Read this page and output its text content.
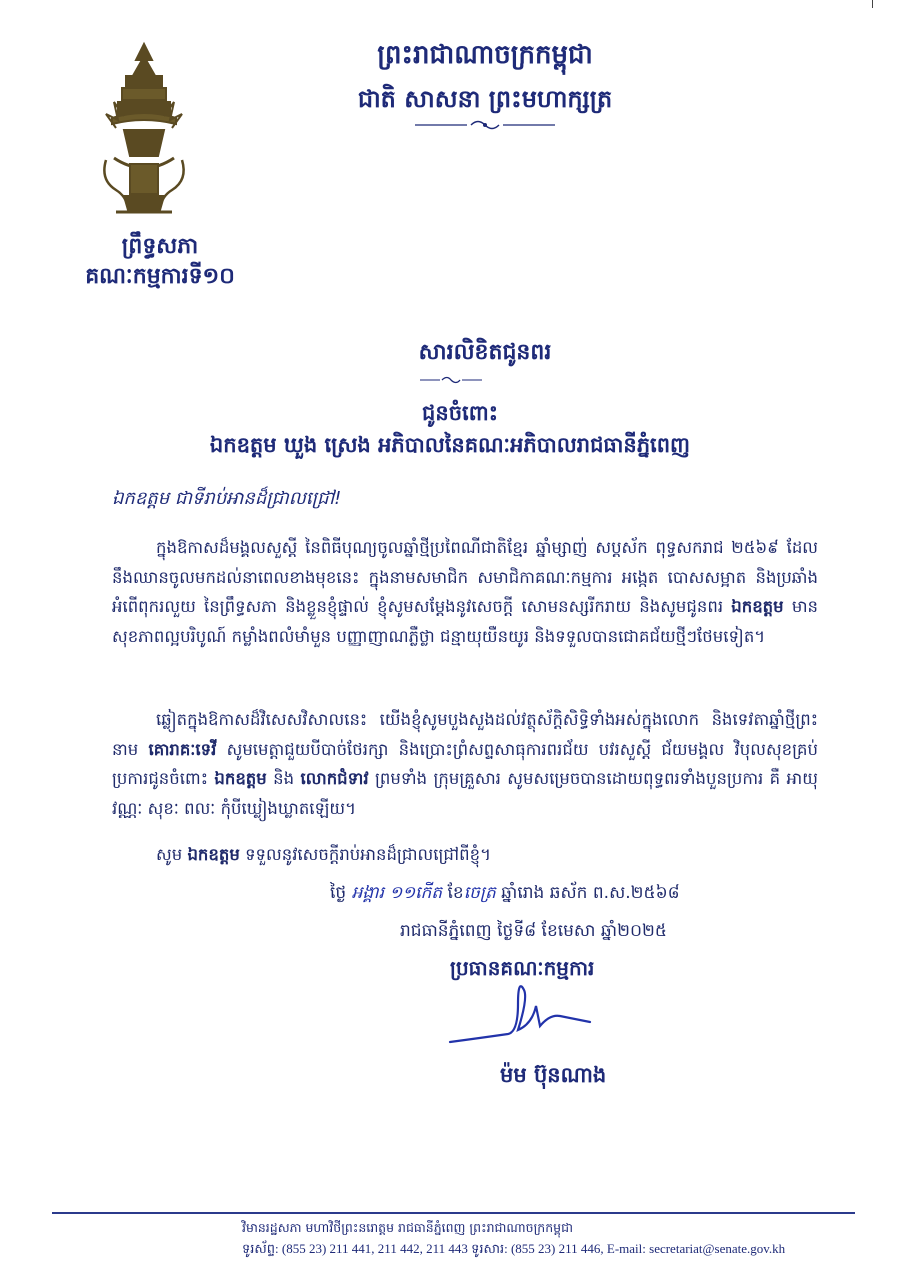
ព្រឹទ្ធសភា
គណៈកម្មការទី១០
ព្រះរាជាណាចក្រកម្ពុជា
ជាតិ សាសនា ព្រះមហាក្សត្រ
សារលិខិតជូនពរ
ជូនចំពោះ
ឯកឧត្តម ឃួង ស្រេង អភិបាលនៃគណៈអភិបាលរាជធានីភ្នំពេញ
ឯកឧត្តម ជាទីរាប់អានដ៏ជ្រាលជ្រៅ!
ក្នុងឱកាសដ៏មង្គលសួស្តី នៃពិធីបុណ្យចូលឆ្នាំថ្មីប្រពៃណីជាតិខ្មែរ ឆ្នាំម្សាញ់ សប្តស័ក ពុទ្ធសករាជ ២៥៦៩ ដែលនឹងឈានចូលមកដល់នាពេលខាងមុខនេះ ក្នុងនាមសមាជិក សមាជិកាគណៈកម្មការ អង្កេត បោសសម្អាត និងប្រឆាំងអំពើពុករលួយ នៃព្រឹទ្ធសភា និងខ្លួនខ្ញុំផ្ទាល់ ខ្ញុំសូមសម្តែងនូវសេចក្តី សោមនស្សរីករាយ និងសូមជូនពរ ឯកឧត្តម មានសុខភាពល្អបរិបូណ៍ កម្លាំងពលំមាំមួន បញ្ញាញាណភ្លឺថ្លា ជន្មាយុយឺនយូរ និងទទួលបានជោគជ័យថ្មីៗថែមទៀត។
ឆ្លៀតក្នុងឱកាសដ៏វិសេសវិសាលនេះ យើងខ្ញុំសូមបួងសួងដល់វត្ថុស័ក្តិសិទ្ធិទាំងអស់ក្នុងលោក និងទេវតាឆ្នាំថ្មីព្រះនាម គោរាគៈទេវី សូមមេត្តាជួយបីបាច់ថែរក្សា និងប្រោះព្រំសព្ទសាធុការពរជ័យ បវរសួស្តី ជ័យមង្គល វិបុលសុខគ្រប់ប្រការជូនចំពោះ ឯកឧត្តម និង លោកជំទាវ ព្រមទាំង ក្រុមគ្រួសារ សូមសម្រេចបានដោយពុទ្ធពរទាំងបួនប្រការ គឺ អាយុ វណ្ណៈ សុខៈ ពលៈ កុំបីឃ្លៀងឃ្លាតឡើយ។
សូម ឯកឧត្តម ទទួលនូវសេចក្តីរាប់អានដ៏ជ្រាលជ្រៅពីខ្ញុំ។
ថ្ងៃ អង្គារ ១១កើត ខែចេត្រ ឆ្នាំរោង ឆស័ក ព.ស.២៥៦៨
រាជធានីភ្នំពេញ ថ្ងៃទី៨ ខែមេសា ឆ្នាំ២០២៥
ប្រធានគណៈកម្មការ
ម៉ម ប៊ុនណាង
វិមានរដ្ឋសភា មហាវិថីព្រះនរោត្តម រាជធានីភ្នំពេញ ព្រះរាជាណាចក្រកម្ពុជា
ទូរស័ព្ទ: (855 23) 211 441, 211 442, 211 443 ទូរសារ: (855 23) 211 446, E-mail: secretariat@senate.gov.kh
